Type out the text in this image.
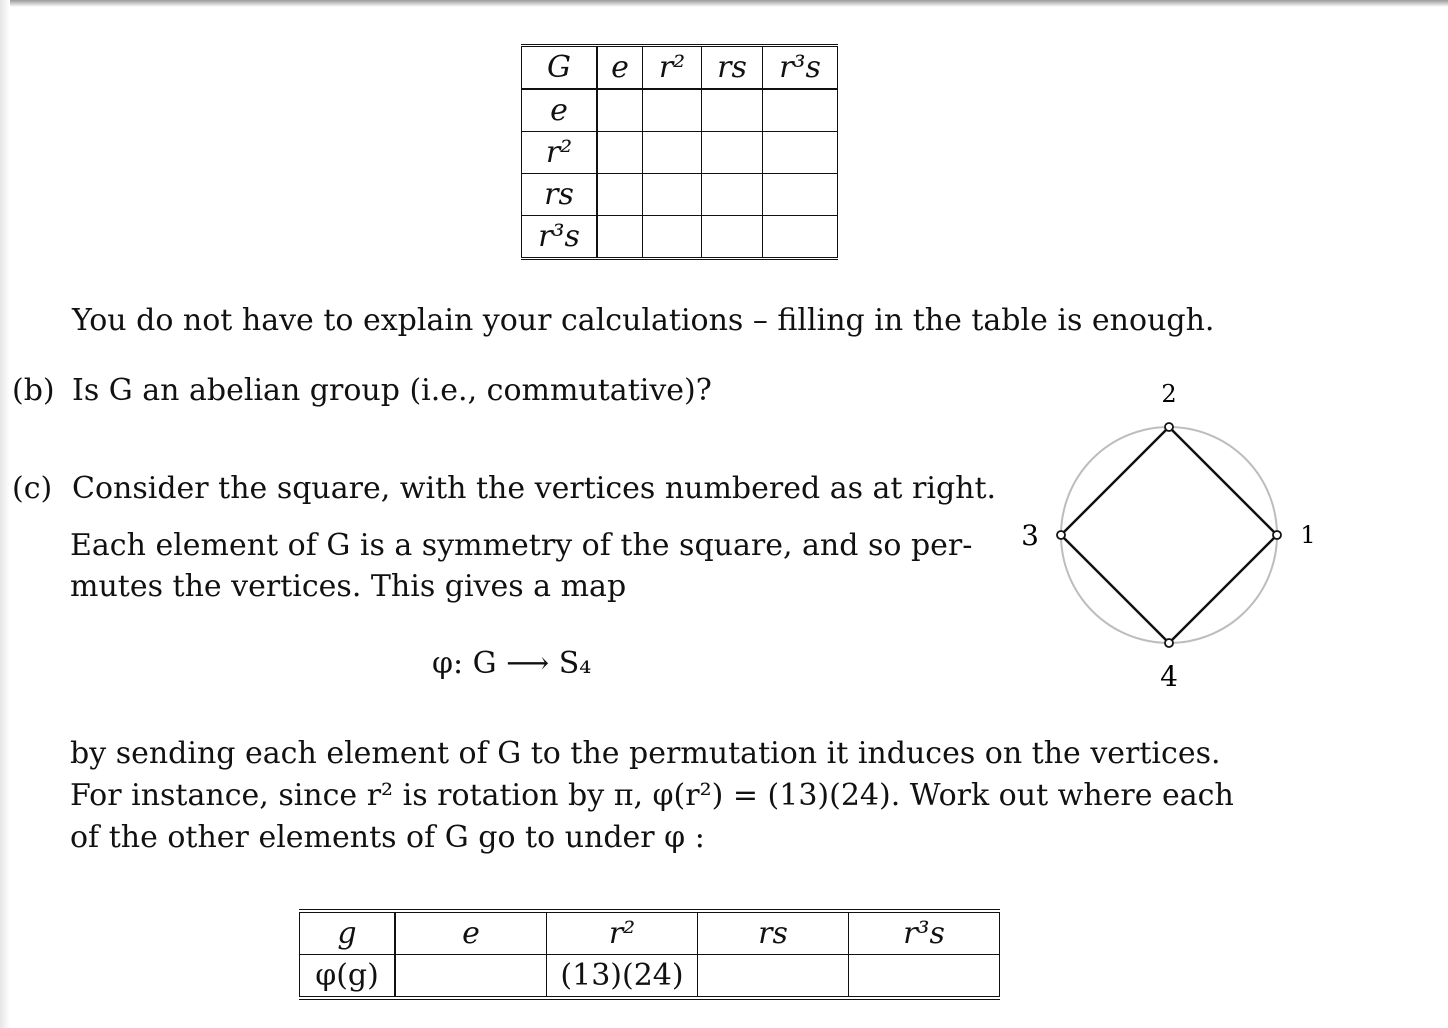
G	e	r²	rs	r³s
e				
r²				
rs				
r³s				
You do not have to explain your calculations – filling in the table is enough.
(b) Is G an abelian group (i.e., commutative)?
(c) Consider the square, with the vertices numbered as at right.
Each element of G is a symmetry of the square, and so per-
mutes the vertices. This gives a map
φ: G ⟶ S₄
by sending each element of G to the permutation it induces on the vertices.
For instance, since r² is rotation by π, φ(r²) = (13)(24). Work out where each
of the other elements of G go to under φ :
1
2
3
4
g	e	r²	rs	r³s
φ(g)		(13)(24)		
